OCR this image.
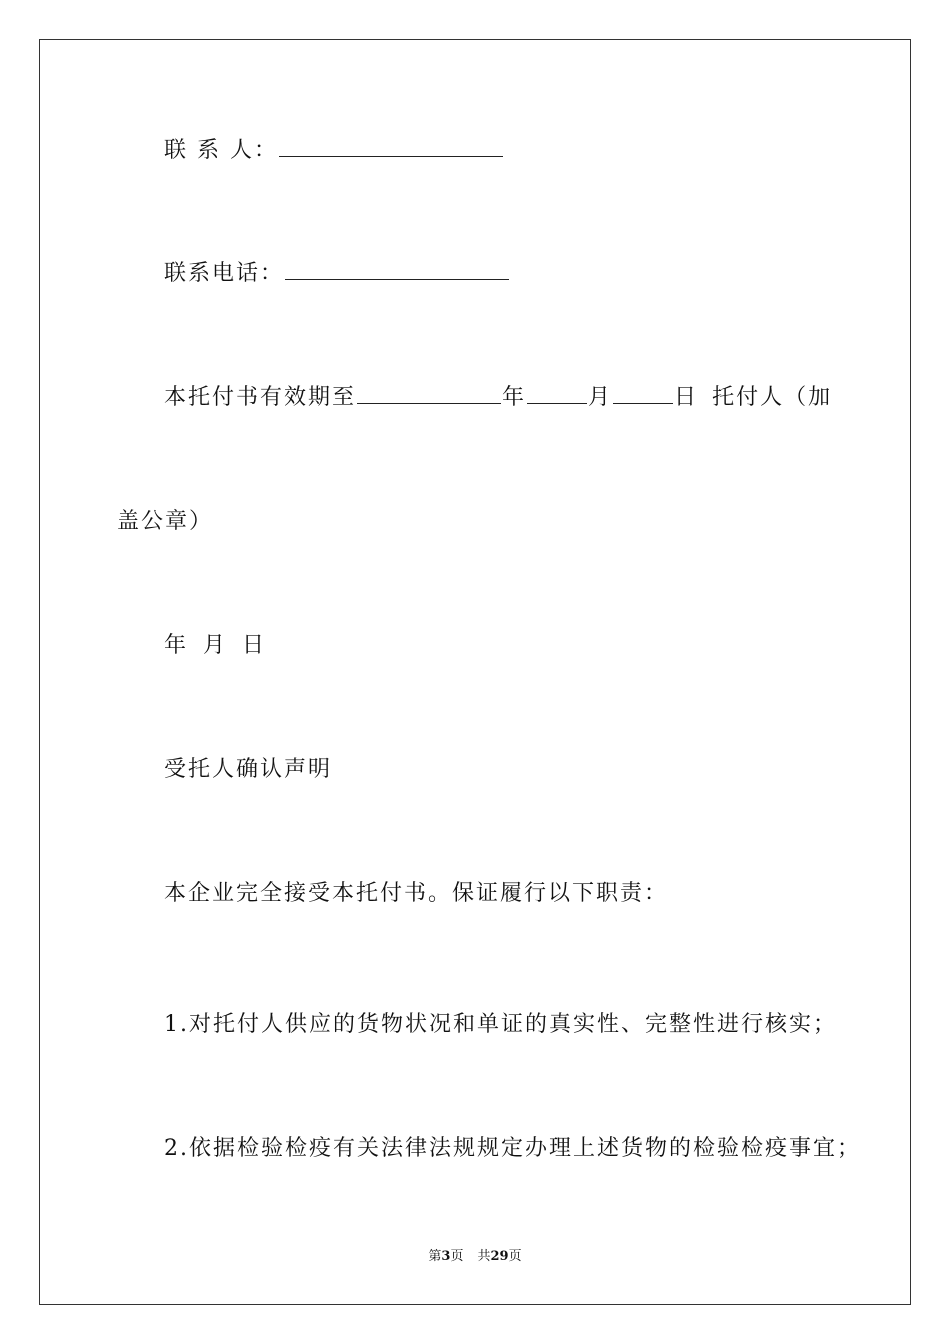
联 系 人：
联系电话：
本托付书有效期至	年	月	日 托付人（加
盖公章）
年 月 日
受托人确认声明
本企业完全接受本托付书。保证履行以下职责：
1.对托付人供应的货物状况和单证的真实性、完整性进行核实；
2.依据检验检疫有关法律法规规定办理上述货物的检验检疫事宜；
第3页 共29页
